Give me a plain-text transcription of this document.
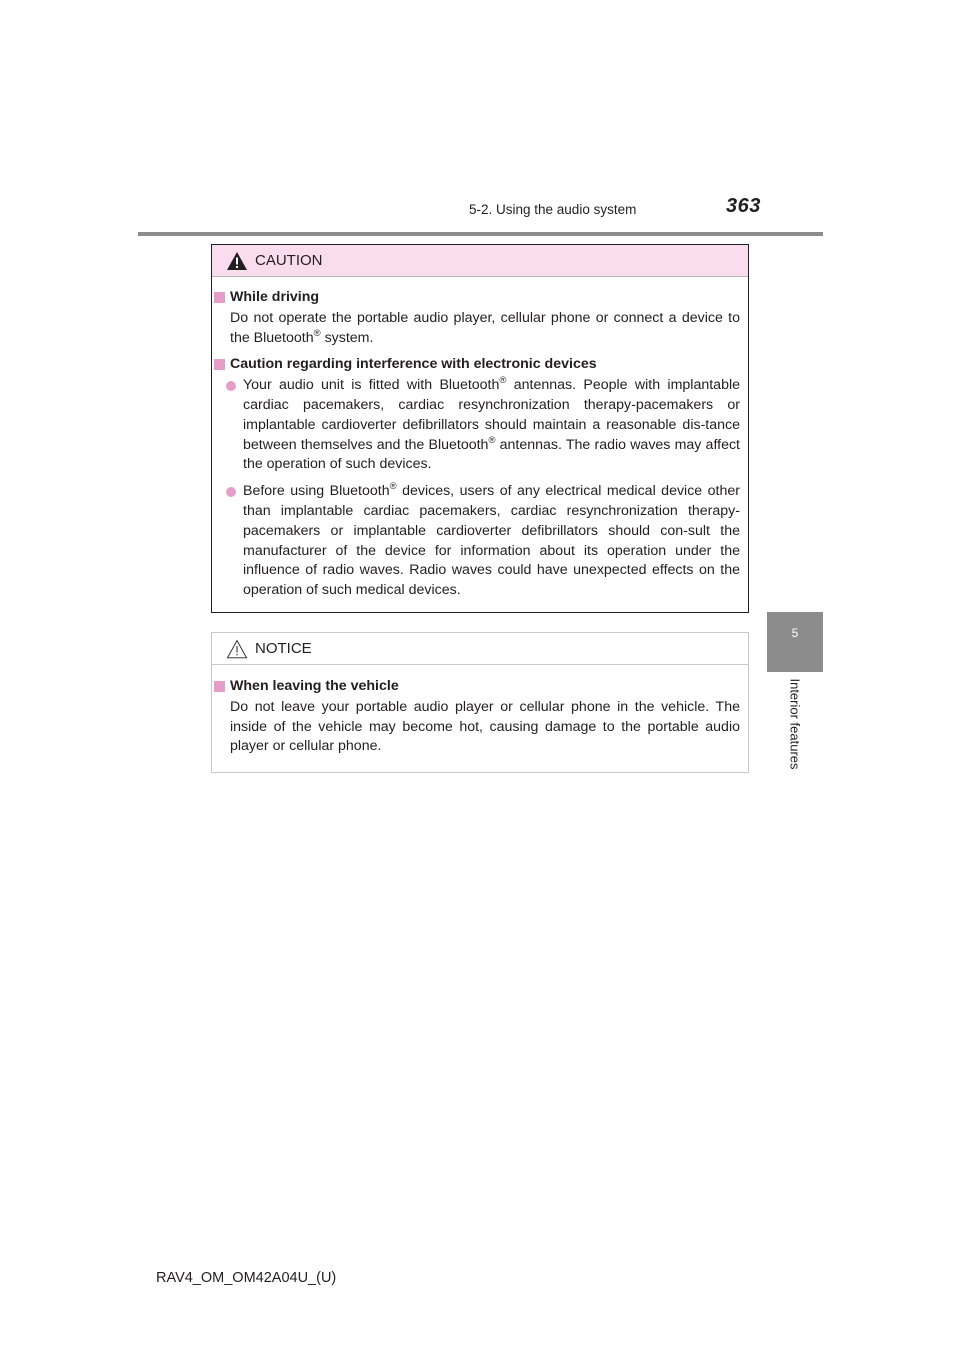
5-2. Using the audio system	363
5
Interior features
CAUTION
While driving
Do not operate the portable audio player, cellular phone or connect a device to the Bluetooth® system.
Caution regarding interference with electronic devices
Your audio unit is fitted with Bluetooth® antennas. People with implantable cardiac pacemakers, cardiac resynchronization therapy-pacemakers or implantable cardioverter defibrillators should maintain a reasonable dis-tance between themselves and the Bluetooth® antennas. The radio waves may affect the operation of such devices.
Before using Bluetooth® devices, users of any electrical medical device other than implantable cardiac pacemakers, cardiac resynchronization therapy-pacemakers or implantable cardioverter defibrillators should con-sult the manufacturer of the device for information about its operation under the influence of radio waves. Radio waves could have unexpected effects on the operation of such medical devices.
NOTICE
When leaving the vehicle
Do not leave your portable audio player or cellular phone in the vehicle. The inside of the vehicle may become hot, causing damage to the portable audio player or cellular phone.
RAV4_OM_OM42A04U_(U)
